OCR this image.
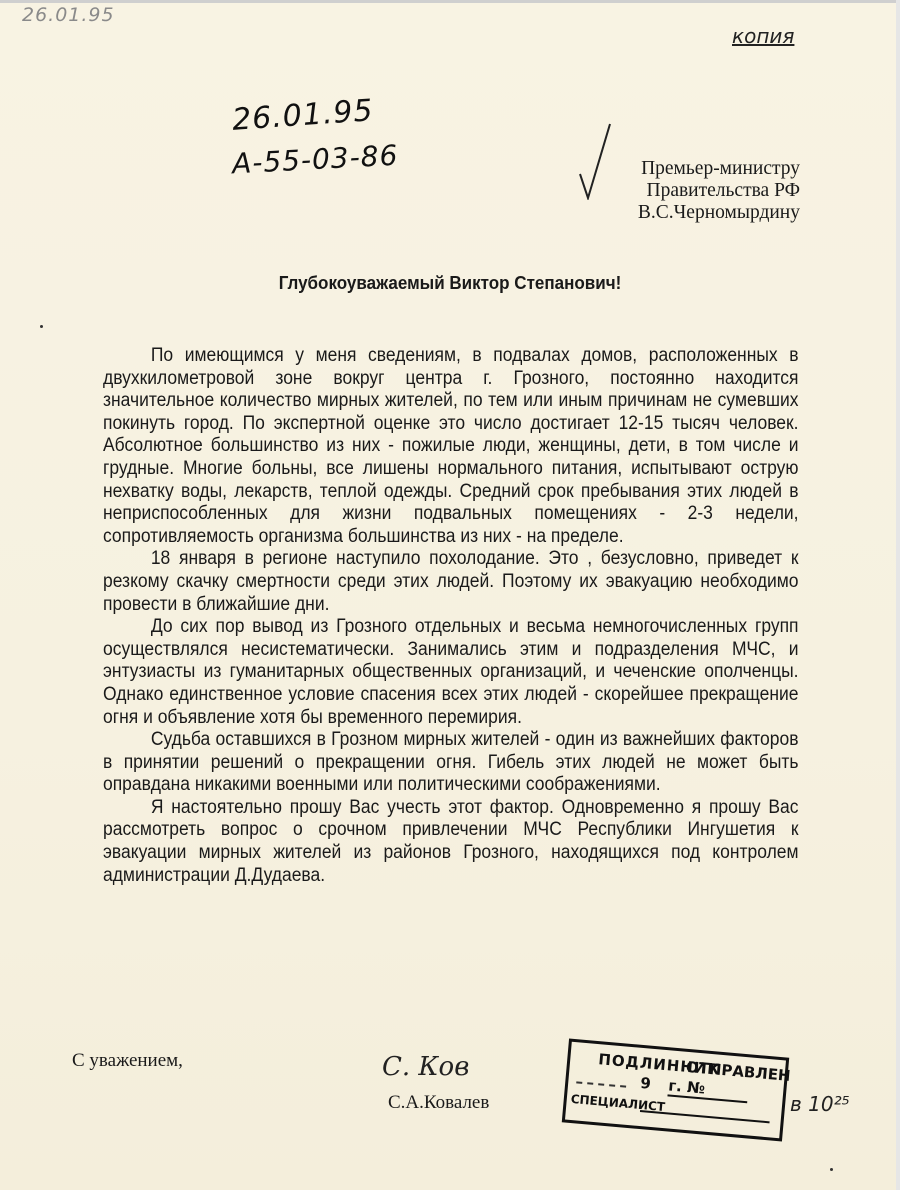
26.01.95
копия
26.01.95
А-55-03-86	Премьер-министру
Правительства РФ
В.С.Черномырдину
Глубокоуважаемый Виктор Степанович!

По имеющимся у меня сведениям, в подвалах домов, расположенных в двухкилометровой зоне вокруг центра г. Грозного, постоянно находится значительное количество мирных жителей, по тем или иным причинам не сумевших покинуть город. По экспертной оценке это число достигает 12-15 тысяч человек. Абсолютное большинство из них - пожилые люди, женщины, дети, в том числе и грудные. Многие больны, все лишены нормального питания, испытывают острую нехватку воды, лекарств, теплой одежды. Средний срок пребывания этих людей в неприспособленных для жизни подвальных помещениях - 2-3 недели, сопротивляемость организма большинства из них - на пределе.

18 января в регионе наступило похолодание. Это , безусловно, приведет к резкому скачку смертности среди этих людей. Поэтому их эвакуацию необходимо провести в ближайшие дни.

До сих пор вывод из Грозного отдельных и весьма немногочисленных групп осуществлялся несистематически. Занимались этим и подразделения МЧС, и энтузиасты из гуманитарных общественных организаций, и чеченские ополченцы. Однако единственное условие спасения всех этих людей - скорейшее прекращение огня и объявление хотя бы временного перемирия.

Судьба оставшихся в Грозном мирных жителей - один из важнейших факторов в принятии решений о прекращении огня. Гибель этих людей не может быть оправдана никакими военными или политическими соображениями.

Я настоятельно прошу Вас учесть этот фактор. Одновременно я прошу Вас рассмотреть вопрос о срочном привлечении МЧС Республики Ингушетия к эвакуации мирных жителей из районов Грозного, находящихся под контролем администрации Д.Дудаева.

С уважением,	С. Ков
С.А.Ковалев
ПОДЛИННИК
ОТПРАВЛЕН
9 г. №
СПЕЦИАЛИСТ	в 10²⁵
